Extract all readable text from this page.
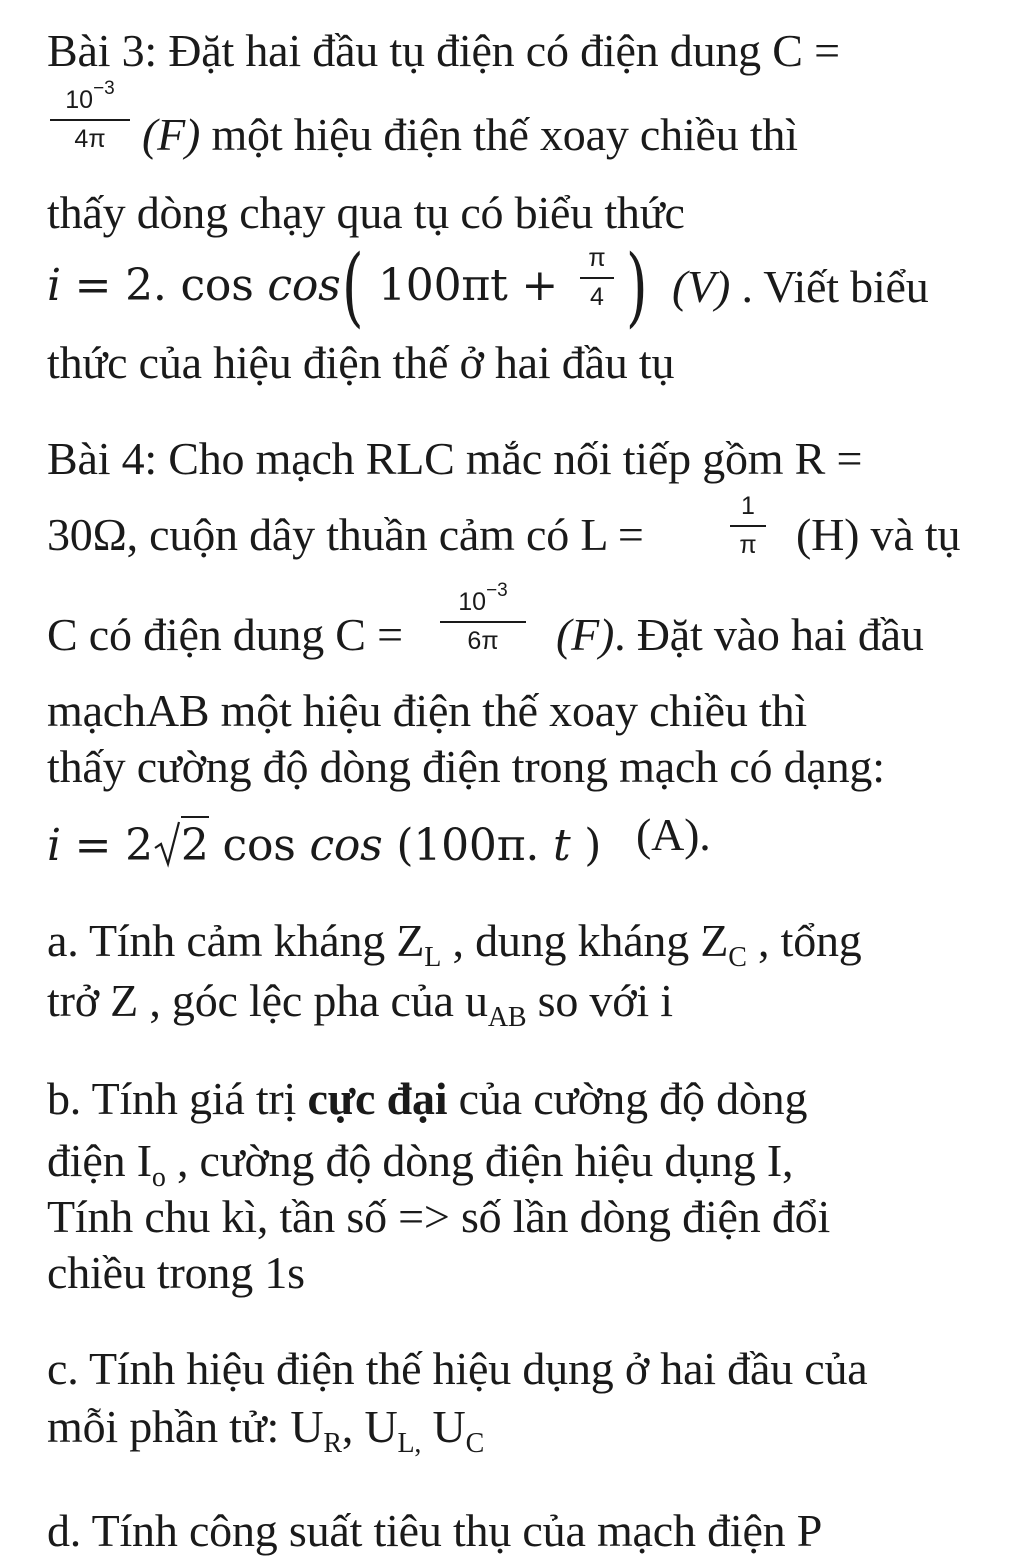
Bài 3: Đặt hai đầu tụ điện có điện dung C =
$10^{-3}$
4π (F) một hiệu điện thế xoay chiều thì
thấy dòng chạy qua tụ có biểu thức
i = 2. cos cos ( 100πt +
π
4 ) (V) . Viết biểu
thức của hiệu điện thế ở hai đầu tụ
Bài 4: Cho mạch RLC mắc nối tiếp gồm R =
30Ω, cuộn dây thuần cảm có L =
1
π (H) và tụ
C có điện dung C =
$10^{-3}$
6π	(F). Đặt vào hai đầu
mạchAB một hiệu điện thế xoay chiều thì
thấy cường độ dòng điện trong mạch có dạng:
i = 2 2 cos cos (100π. t ) (A).
a. Tính cảm kháng $Z_L$ , dung kháng $Z_C$ , tổng
trở Z , góc lệc pha của $u_{AB}$ so với i
b. Tính giá trị cực đại của cường độ dòng
điện $I_o$ , cường độ dòng điện hiệu dụng I,
Tính chu kì, tần số => số lần dòng điện đổi
chiều trong 1s
c. Tính hiệu điện thế hiệu dụng ở hai đầu của
mỗi phần tử: $U_R$, $U_{L,}$ $U_C$
d. Tính công suất tiêu thụ của mạch điện P
